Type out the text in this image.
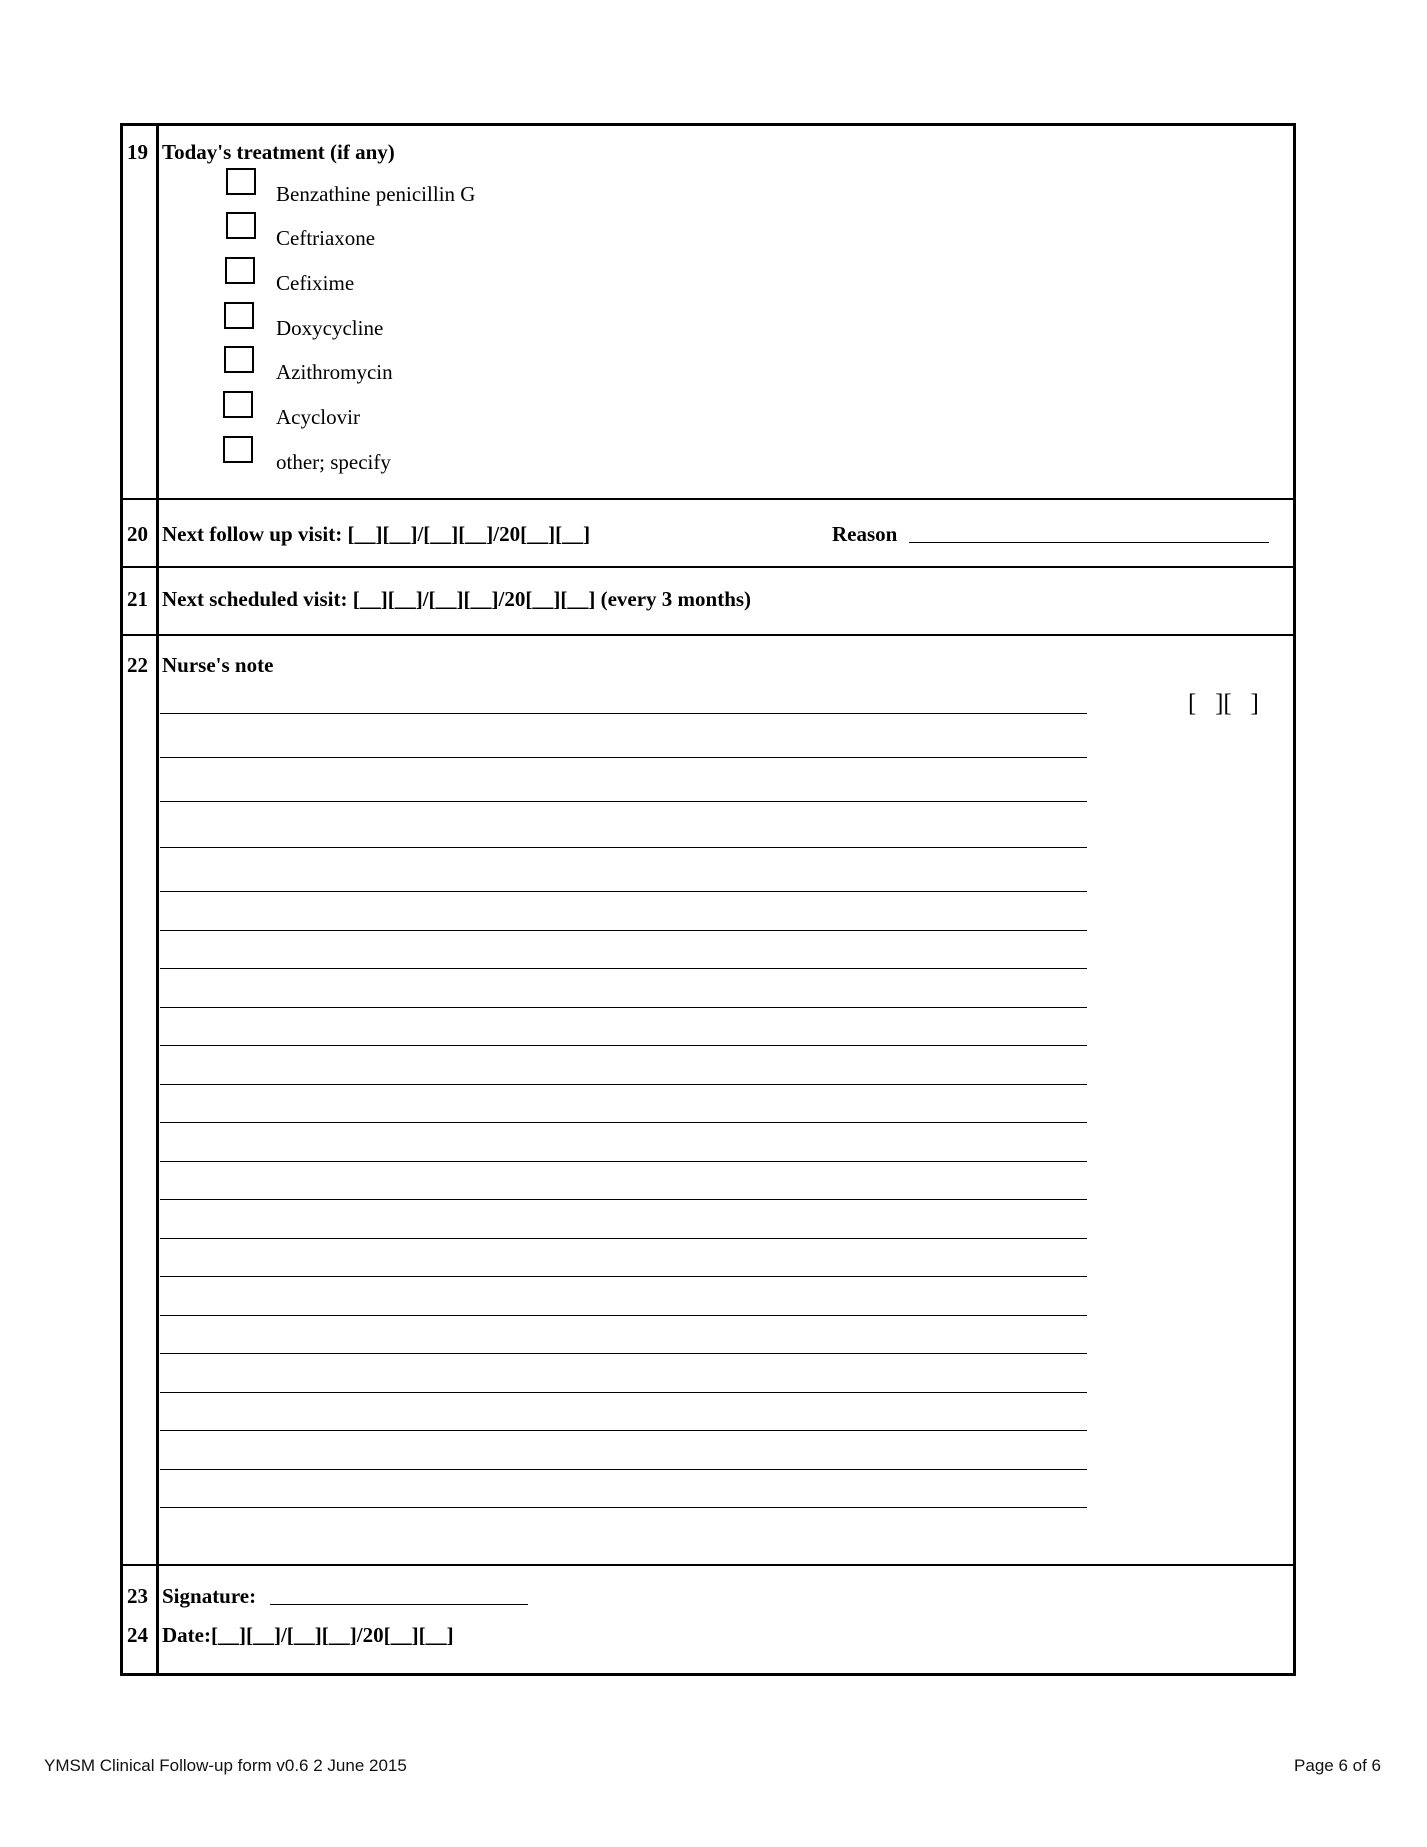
19 Today's treatment (if any)
Benzathine penicillin G
Ceftriaxone
Cefixime
Doxycycline
Azithromycin
Acyclovir
other; specify
20 Next follow up visit: [__][__]/[__][__]/20[__][__]	Reason
21 Next scheduled visit: [__][__]/[__][__]/20[__][__] (every 3 months)
22 Nurse's note
[   ][   ]
23 Signature:
24 Date:[__][__]/[__][__]/20[__][__]
YMSM Clinical Follow-up form v0.6 2 June 2015	Page 6 of 6
